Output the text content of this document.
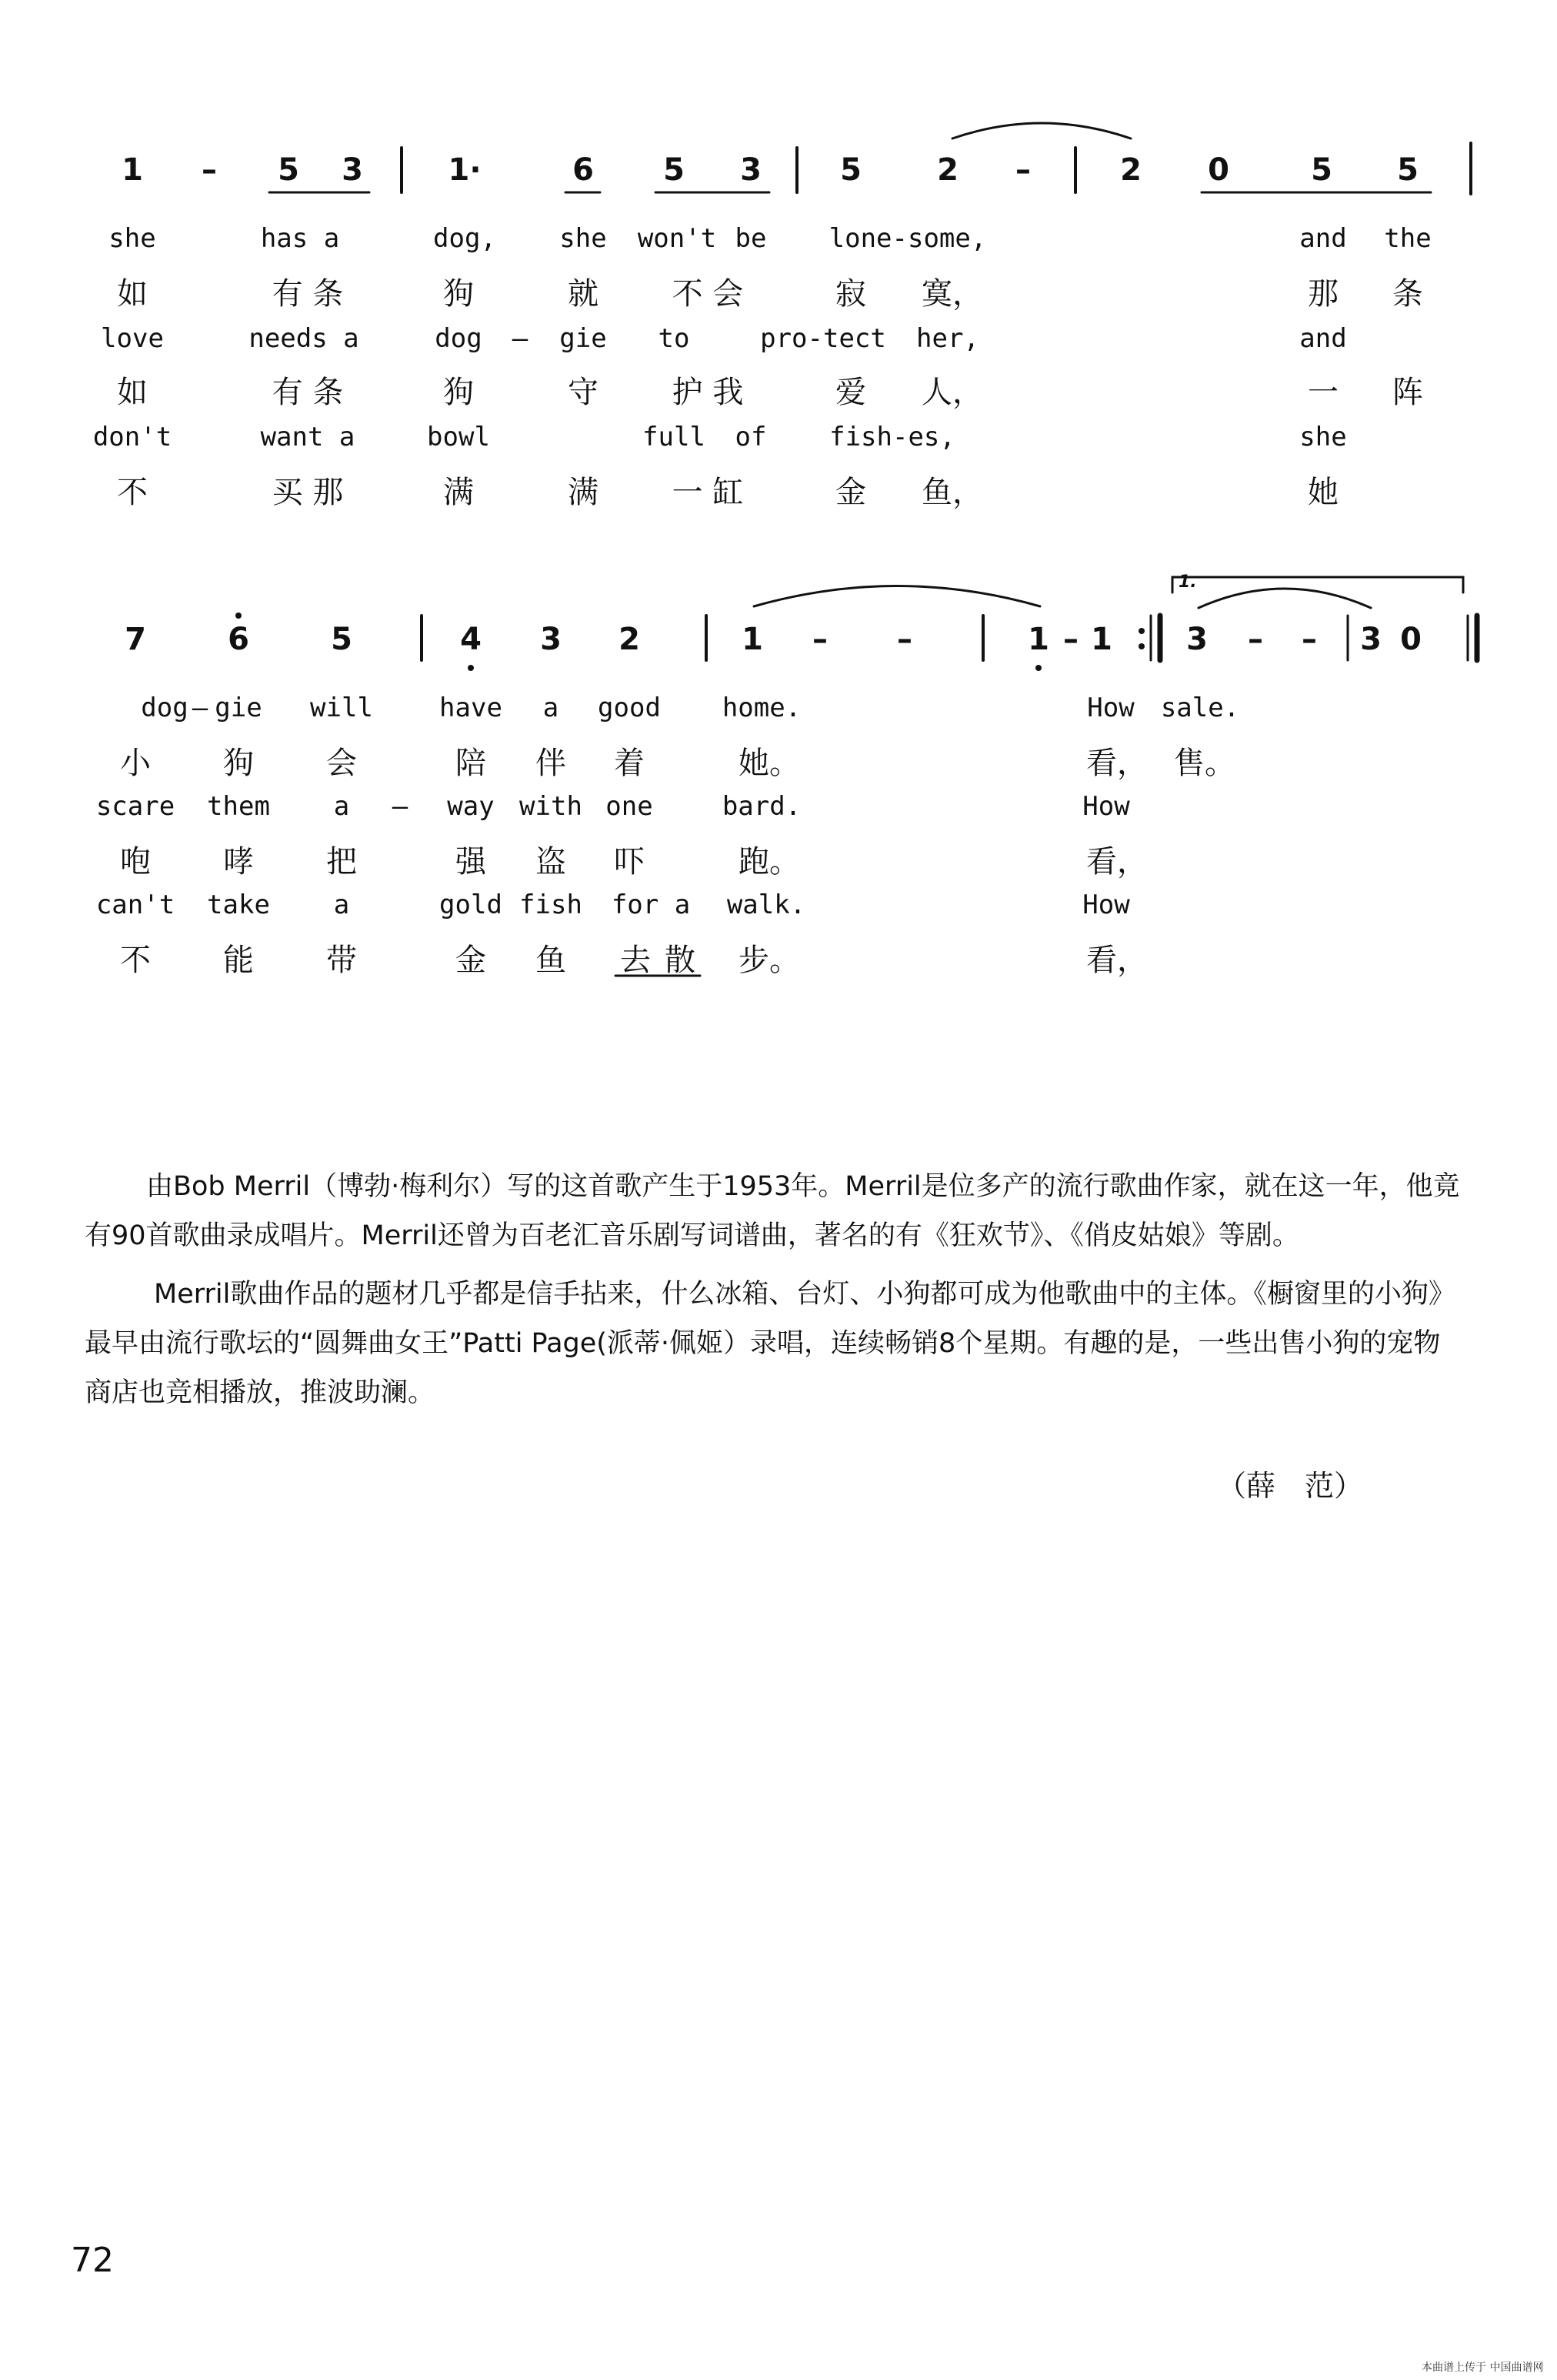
1 – 5 3	1·	6 5 3	5 2 –	2 0	5 5
she	has a	dog, she won't be lone-some,	and the
如	有 条	狗	就 不 会	寂 寞，	那 条
love	needs a	dog – gie to	pro-tect her,	and
如	有 条	狗	守 护 我	爱 人，	一 阵
don't	want a	bowl	full of fish-es,	she
不	买 那	满	满 一 缸	金 鱼，	她
7	6	5	4 3 2	1 – –	1 – 1 3 – – 3 0
1.
dog – gie will	have a good home.	How sale.
小 狗 会	陪 伴 着	她。	看， 售。
scare them a – way with one	bard.	How
咆 哮 把	强 盗 吓	跑。	看，
can't take a	gold fish for a walk.	How
不 能 带	金 鱼 去 散 步。	看，

由Bob Merril（博勃·梅利尔）写的这首歌产生于1953年。Merril是位多产的流行歌曲作家，就在这一年，他竟有90首歌曲录成唱片。Merril还曾为百老汇音乐剧写词谱曲，著名的有《狂欢节》、《俏皮姑娘》等剧。

Merril歌曲作品的题材几乎都是信手拈来，什么冰箱、台灯、小狗都可成为他歌曲中的主体。《橱窗里的小狗》最早由流行歌坛的“圆舞曲女王”Patti Page(派蒂·佩姬）录唱，连续畅销8个星期。有趣的是，一些出售小狗的宠物商店也竞相播放，推波助澜。

（薛　范）
72
本曲谱上传于 中国曲谱网
